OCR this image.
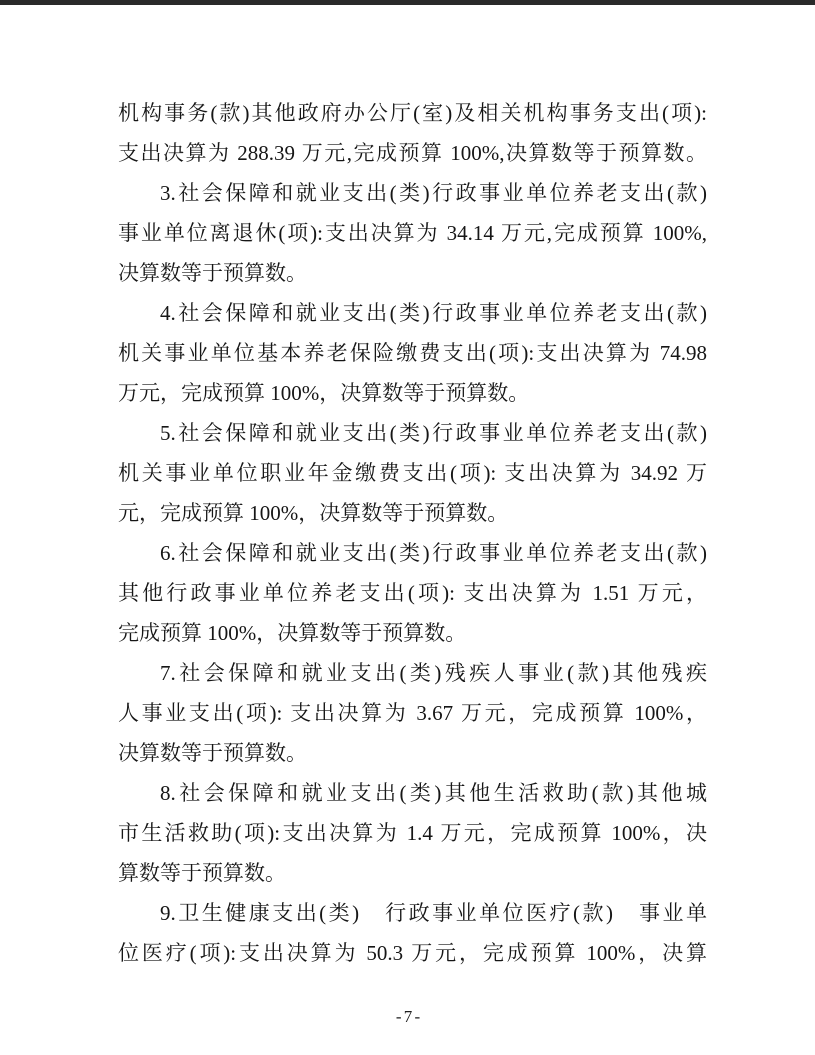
机构事务(款)其他政府办公厅(室)及相关机构事务支出(项):
支出决算为 288.39 万元,完成预算 100%,决算数等于预算数。
3.社会保障和就业支出(类)行政事业单位养老支出(款)
事业单位离退休(项):支出决算为 34.14 万元,完成预算 100%,
决算数等于预算数。
4.社会保障和就业支出(类)行政事业单位养老支出(款)
机关事业单位基本养老保险缴费支出(项):支出决算为 74.98
万元，完成预算 100%，决算数等于预算数。
5.社会保障和就业支出(类)行政事业单位养老支出(款)
机关事业单位职业年金缴费支出(项): 支出决算为 34.92 万
元，完成预算 100%，决算数等于预算数。
6.社会保障和就业支出(类)行政事业单位养老支出(款)
其他行政事业单位养老支出(项): 支出决算为 1.51 万元，
完成预算 100%，决算数等于预算数。
7.社会保障和就业支出(类)残疾人事业(款)其他残疾
人事业支出(项): 支出决算为 3.67 万元，完成预算 100%，
决算数等于预算数。
8.社会保障和就业支出(类)其他生活救助(款)其他城
市生活救助(项):支出决算为 1.4 万元，完成预算 100%，决
算数等于预算数。
9.卫生健康支出(类)　行政事业单位医疗(款)　事业单
位医疗(项):支出决算为 50.3 万元，完成预算 100%，决算
- 7 -
